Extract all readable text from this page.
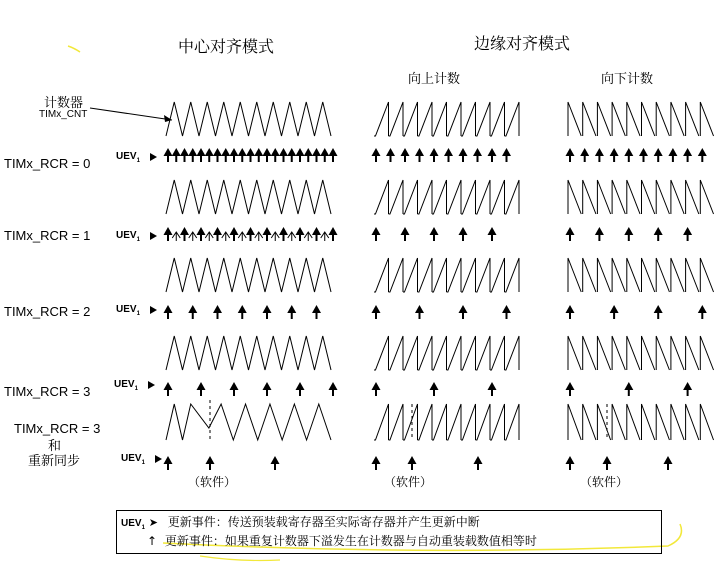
中心对齐模式	边缘对齐模式
向上计数	向下计数
计数器
TIMx_CNT
TIMx_RCR = 0
TIMx_RCR = 1
TIMx_RCR = 2
TIMx_RCR = 3
TIMx_RCR = 3
和
重新同步
$UEV_1$
$UEV_1$
$UEV_1$
$UEV_1$
$UEV_1$
（软件）	（软件）	（软件）
$UEV_1$ ➤ 更新事件：传送预装载寄存器至实际寄存器并产生更新中断
↑ 更新事件：如果重复计数器下溢发生在计数器与自动重装载数值相等时
